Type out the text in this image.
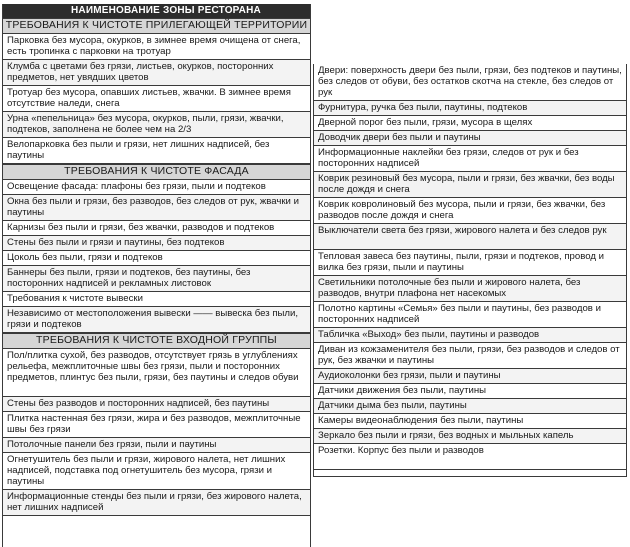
НАИМЕНОВАНИЕ ЗОНЫ РЕСТОРАНА
ТРЕБОВАНИЯ К ЧИСТОТЕ ПРИЛЕГАЮЩЕЙ ТЕРРИТОРИИ
Парковка без мусора, окурков, в зимнее время очищена от снега, есть тропинка с парковки на тротуар
Клумба с цветами без грязи, листьев, окурков, посторонних предметов, нет увядших цветов
Тротуар без мусора, опавших листьев, жвачки. В зимнее время отсутствие наледи, снега
Урна «пепельница» без мусора, окурков, пыли, грязи, жвачки, подтеков, заполнена не более чем на 2/3
Велопарковка без пыли и грязи, нет лишних надписей, без паутины
ТРЕБОВАНИЯ К ЧИСТОТЕ ФАСАДА
Освещение фасада: плафоны без грязи, пыли и подтеков
Окна без пыли и грязи, без разводов, без следов от рук, жвачки и паутины
Карнизы без пыли и грязи, без жвачки, разводов и подтеков
Стены без пыли и грязи и паутины, без подтеков
Цоколь без пыли, грязи и подтеков
Баннеры без пыли, грязи и подтеков, без паутины, без посторонних надписей и рекламных листовок
Требования к чистоте вывески
Независимо от местоположения вывески —— вывеска без пыли, грязи и подтеков
ТРЕБОВАНИЯ К ЧИСТОТЕ ВХОДНОЙ ГРУППЫ
Пол/плитка сухой, без разводов, отсутствует грязь в углублениях рельефа, межплиточные швы без грязи, пыли и посторонних предметов, плинтус без пыли, грязи, без паутины и следов обуви
Стены без разводов и посторонних надписей, без паутины
Плитка настенная без грязи, жира и без разводов, межплиточные швы без грязи
Потолочные панели без грязи, пыли и паутины
Огнетушитель без пыли и грязи, жирового налета, нет лишних надписей, подставка под огнетушитель без мусора, грязи и паутины
Информационные стенды без пыли и грязи, без жирового налета, нет лишних надписей
Двери: поверхность двери без пыли, грязи, без подтеков и паутины, без следов от обуви, без остатков скотча на стекле, без следов от рук
Фурнитура, ручка без пыли, паутины, подтеков
Дверной порог без пыли, грязи, мусора в щелях
Доводчик двери без пыли и паутины
Информационные наклейки без грязи, следов от рук и без посторонних надписей
Коврик резиновый без мусора, пыли и грязи, без жвачки, без воды после дождя и снега
Коврик ковролиновый без мусора, пыли и грязи, без жвачки, без разводов после дождя и снега
Выключатели света без грязи, жирового налета и без следов рук
Тепловая завеса без паутины, пыли, грязи и подтеков, провод и вилка без грязи, пыли и паутины
Светильники потолочные без пыли и жирового налета, без разводов, внутри плафона нет насекомых
Полотно картины «Семья» без пыли и паутины, без разводов и посторонних надписей
Табличка «Выход» без пыли, паутины и разводов
Диван из кожзаменителя без пыли, грязи, без разводов и следов от рук, без жвачки и паутины
Аудиоколонки без грязи, пыли и паутины
Датчики движения без пыли, паутины
Датчики дыма без пыли, паутины
Камеры видеонаблюдения без пыли, паутины
Зеркало без пыли и грязи, без водных и мыльных капель
Розетки. Корпус без пыли и разводов
